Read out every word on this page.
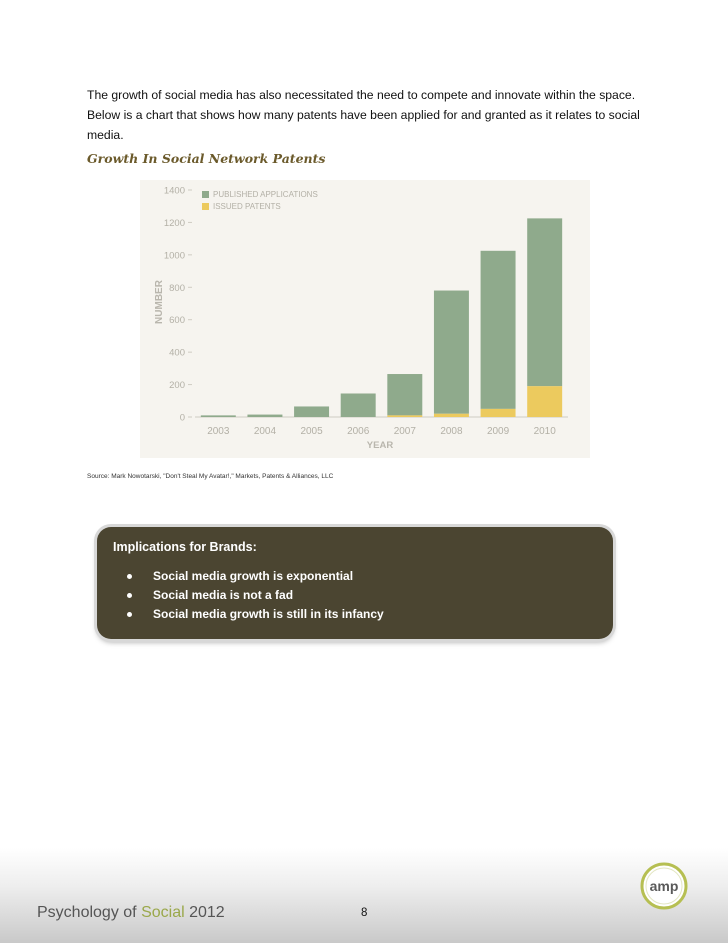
The growth of social media has also necessitated the need to compete and innovate within the space. Below is a chart that shows how many patents have been applied for and granted as it relates to social media.
Growth In Social Network Patents
0
200
400
600
800
1000
1200
1400
2003 2004 2005 2006 2007 2008 2009 2010
PUBLISHED APPLICATIONS
ISSUED PATENTS
NUMBER
YEAR
Source: Mark Nowotarski, "Don't Steal My Avatar!," Markets, Patents & Alliances, LLC
Implications for Brands:
Social media growth is exponential
Social media is not a fad
Social media growth is still in its infancy
Psychology of Social 2012	8
amp
